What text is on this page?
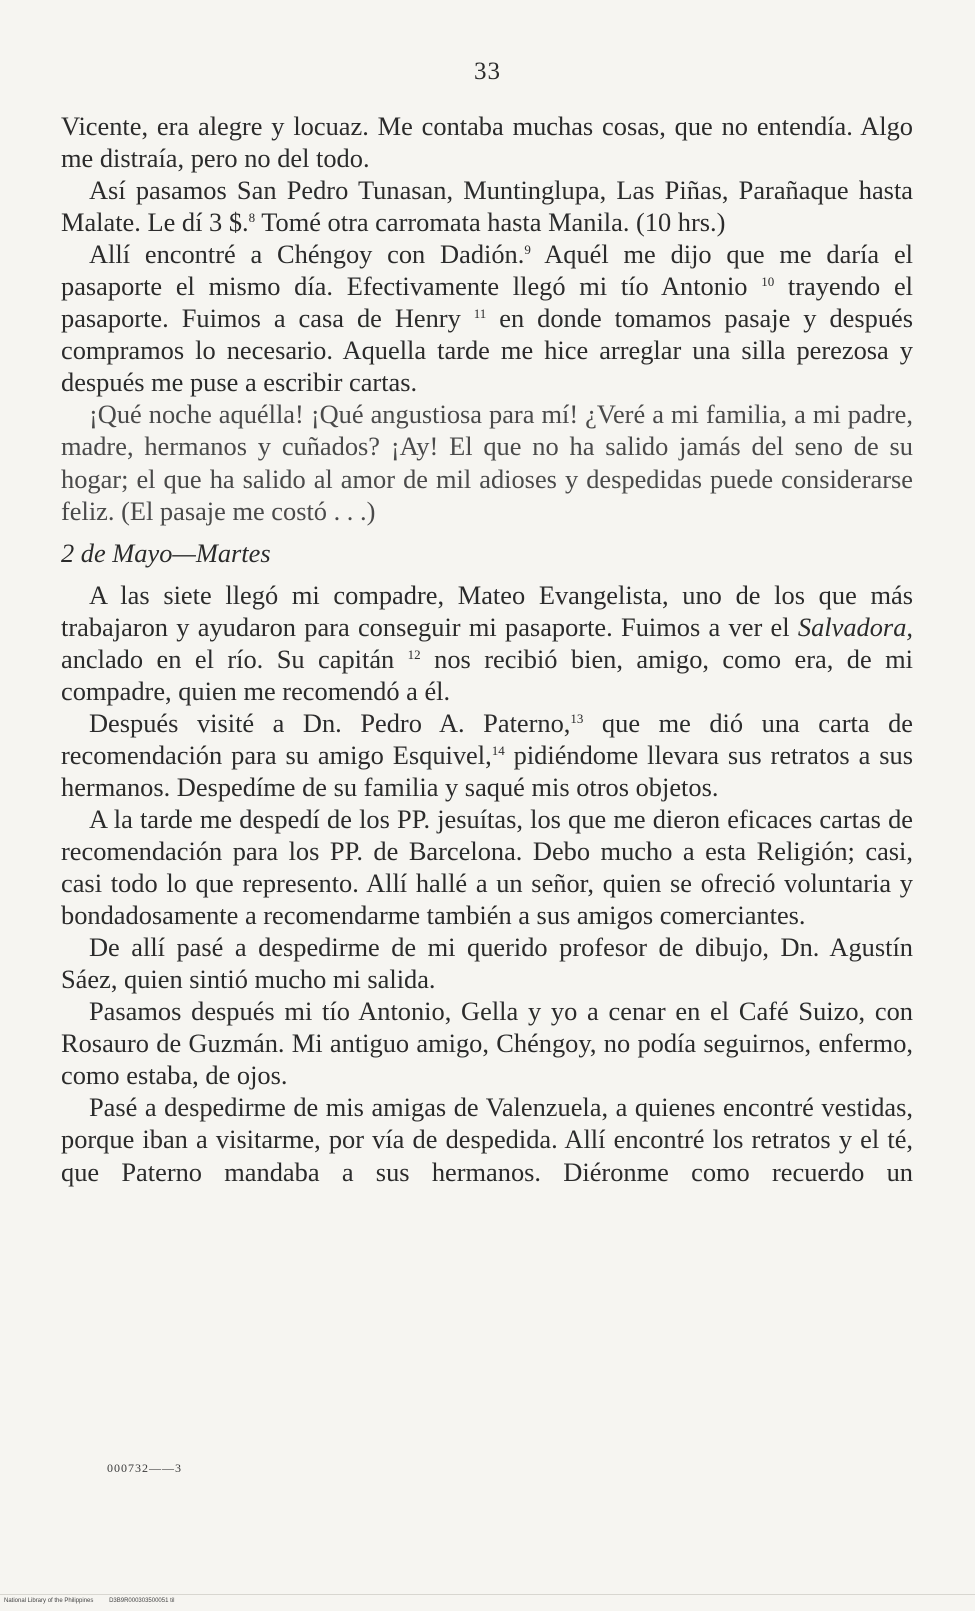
33

Vicente, era alegre y locuaz. Me contaba muchas cosas, que no entendía. Algo me distraía, pero no del todo.

Así pasamos San Pedro Tunasan, Muntinglupa, Las Piñas, Parañaque hasta Malate. Le dí 3 $.$^8$ Tomé otra carromata hasta Manila. (10 hrs.)

Allí encontré a Chéngoy con Dadión.$^9$ Aquél me dijo que me daría el pasaporte el mismo día. Efectivamente llegó mi tío Antonio $^{10}$ trayendo el pasaporte. Fuimos a casa de Henry $^{11}$ en donde tomamos pasaje y después compramos lo necesario. Aquella tarde me hice arreglar una silla perezosa y después me puse a escribir cartas.

¡Qué noche aquélla! ¡Qué angustiosa para mí! ¿Veré a mi familia, a mi padre, madre, hermanos y cuñados? ¡Ay! El que no ha salido jamás del seno de su hogar; el que ha salido al amor de mil adioses y despedidas puede considerarse feliz. (El pasaje me costó . . .)

2 de Mayo—Martes

A las siete llegó mi compadre, Mateo Evangelista, uno de los que más trabajaron y ayudaron para conseguir mi pasaporte. Fuimos a ver el Salvadora, anclado en el río. Su capitán $^{12}$ nos recibió bien, amigo, como era, de mi compadre, quien me recomendó a él.

Después visité a Dn. Pedro A. Paterno,$^{13}$ que me dió una carta de recomendación para su amigo Esquivel,$^{14}$ pidiéndome llevara sus retratos a sus hermanos. Despedíme de su familia y saqué mis otros objetos.

A la tarde me despedí de los PP. jesuítas, los que me dieron eficaces cartas de recomendación para los PP. de Barcelona. Debo mucho a esta Religión; casi, casi todo lo que represento. Allí hallé a un señor, quien se ofreció voluntaria y bondadosamente a recomendarme también a sus amigos comerciantes.

De allí pasé a despedirme de mi querido profesor de dibujo, Dn. Agustín Sáez, quien sintió mucho mi salida.

Pasamos después mi tío Antonio, Gella y yo a cenar en el Café Suizo, con Rosauro de Guzmán. Mi antiguo amigo, Chéngoy, no podía seguirnos, enfermo, como estaba, de ojos.

Pasé a despedirme de mis amigas de Valenzuela, a quienes encontré vestidas, porque iban a visitarme, por vía de despedida. Allí encontré los retratos y el té, que Paterno mandaba a sus hermanos. Diéronme como recuerdo un

000732——3
National Library of the Philippines	D3B9R000303500051 til
